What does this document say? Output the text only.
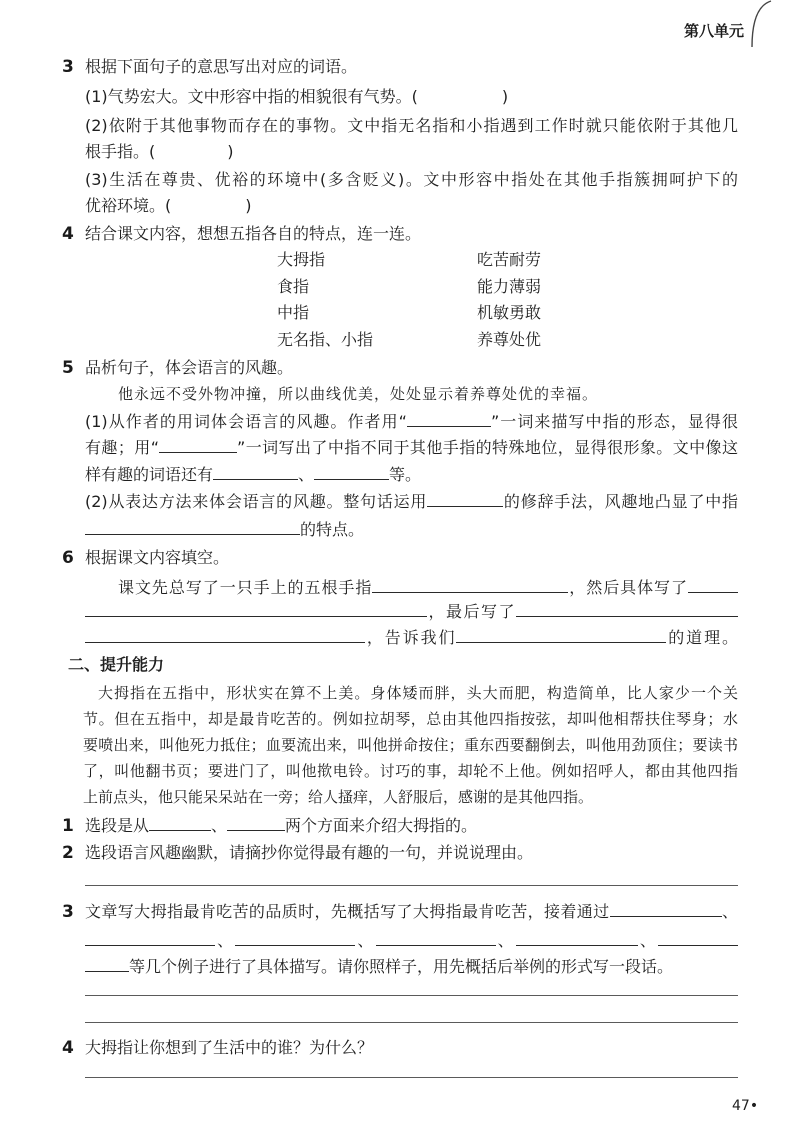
第八单元
3 根据下面句子的意思写出对应的词语。
(1)气势宏大。文中形容中指的相貌很有气势。(	)
(2)依附于其他事物而存在的事物。文中指无名指和小指遇到工作时就只能依附于其他几
根手指。(	)
(3)生活在尊贵、优裕的环境中(多含贬义)。文中形容中指处在其他手指簇拥呵护下的
优裕环境。(	)
4 结合课文内容，想想五指各自的特点，连一连。
大拇指	吃苦耐劳
食指	能力薄弱
中指	机敏勇敢
无名指、小指	养尊处优
5 品析句子，体会语言的风趣。
他永远不受外物冲撞，所以曲线优美，处处显示着养尊处优的幸福。
(1)从作者的用词体会语言的风趣。作者用“	”一词来描写中指的形态，显得很
有趣；用“	”一词写出了中指不同于其他手指的特殊地位，显得很形象。文中像这
样有趣的词语还有	、	等。
(2)从表达方法来体会语言的风趣。整句话运用	的修辞手法，风趣地凸显了中指
的特点。
6 根据课文内容填空。
课文先总写了一只手上的五根手指	，然后具体写了
，最后写了
，告诉我们	的道理。
二、提升能力
大拇指在五指中，形状实在算不上美。身体矮而胖，头大而肥，构造简单，比人家少一个关
节。但在五指中，却是最肯吃苦的。例如拉胡琴，总由其他四指按弦，却叫他相帮扶住琴身；水
要喷出来，叫他死力抵住；血要流出来，叫他拼命按住；重东西要翻倒去，叫他用劲顶住；要读书
了，叫他翻书页；要进门了，叫他揿电铃。讨巧的事，却轮不上他。例如招呼人，都由其他四指
上前点头，他只能呆呆站在一旁；给人搔痒，人舒服后，感谢的是其他四指。
1 选段是从	、	两个方面来介绍大拇指的。
2 选段语言风趣幽默，请摘抄你觉得最有趣的一句，并说说理由。
3 文章写大拇指最肯吃苦的品质时，先概括写了大拇指最肯吃苦，接着通过	、
、	、	、	、
等几个例子进行了具体描写。请你照样子，用先概括后举例的形式写一段话。
4 大拇指让你想到了生活中的谁？为什么？
47•
